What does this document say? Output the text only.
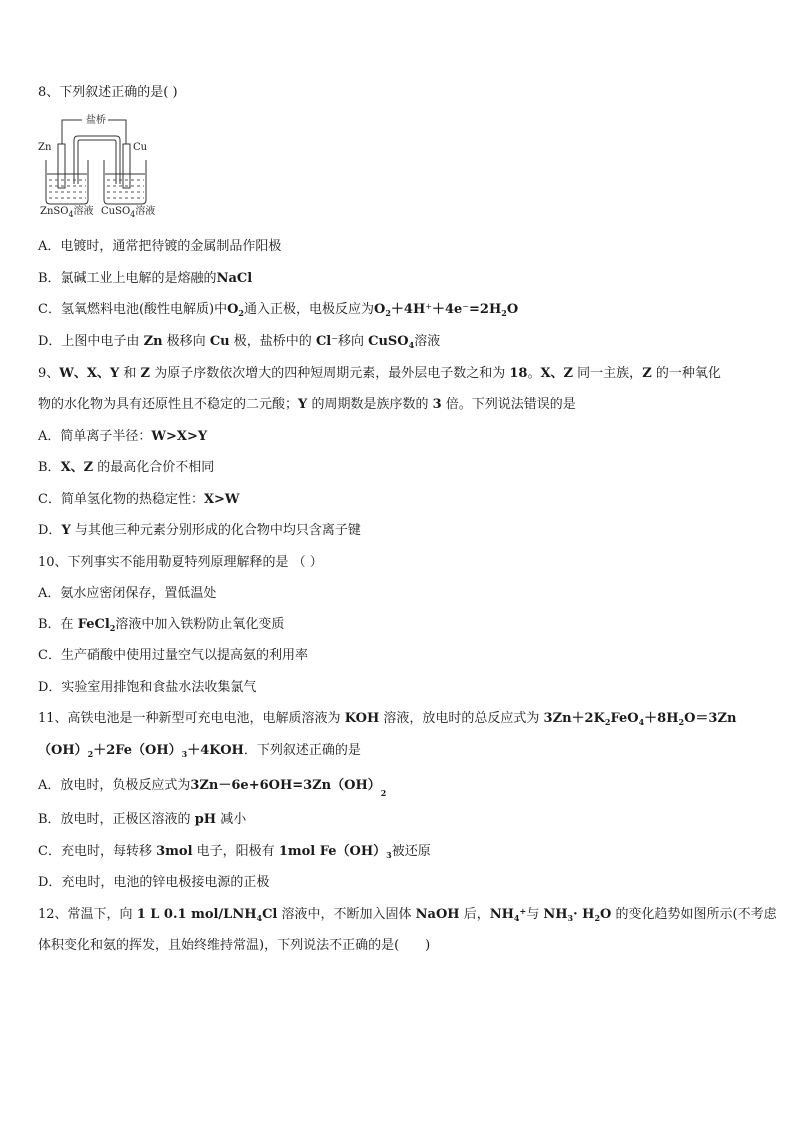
8、下列叙述正确的是( )
盐桥
Zn	Cu
ZnSO$_4$溶液 CuSO$_4$溶液
A．电镀时，通常把待镀的金属制品作阳极
B．氯碱工业上电解的是熔融的NaCl
C．氢氧燃料电池(酸性电解质)中$O_2$通入正极，电极反应为$O_2+4H^++4e^-=2H_2O$
D．上图中电子由 Zn 极移向 Cu 极，盐桥中的 Cl−移向 CuSO$_4$溶液
9、W、X、Y 和 Z 为原子序数依次增大的四种短周期元素，最外层电子数之和为 18。X、Z 同一主族，Z 的一种氧化
物的水化物为具有还原性且不稳定的二元酸；Y 的周期数是族序数的 3 倍。下列说法错误的是
A．简单离子半径：W>X>Y
B．X、Z 的最高化合价不相同
C．简单氢化物的热稳定性：X>W
D．Y 与其他三种元素分别形成的化合物中均只含离子键
10、下列事实不能用勒夏特列原理解释的是 （ ）
A．氨水应密闭保存，置低温处
B．在 FeCl$_2$溶液中加入铁粉防止氧化变质
C．生产硝酸中使用过量空气以提高氨的利用率
D．实验室用排饱和食盐水法收集氯气
11、高铁电池是一种新型可充电电池，电解质溶液为 KOH 溶液，放电时的总反应式为 $3Zn+2K_2FeO_4+8H_2O=3Zn$
$(OH)_2+2Fe(OH)_3+4KOH$．下列叙述正确的是
A．放电时，负极反应式为$3Zn-6e+6OH=3Zn(OH)_2$
B．放电时，正极区溶液的 pH 减小
C．充电时，每转移 3mol 电子，阳极有 1mol $Fe(OH)_3$被还原
D．充电时，电池的锌电极接电源的正极
12、常温下，向 1 L 0.1 mol/$LNH_4Cl$ 溶液中，不断加入固体 NaOH 后，$NH_4^+$与 $NH_3\cdot H_2O$ 的变化趋势如图所示(不考虑
体积变化和氨的挥发，且始终维持常温)，下列说法不正确的是(　　)
